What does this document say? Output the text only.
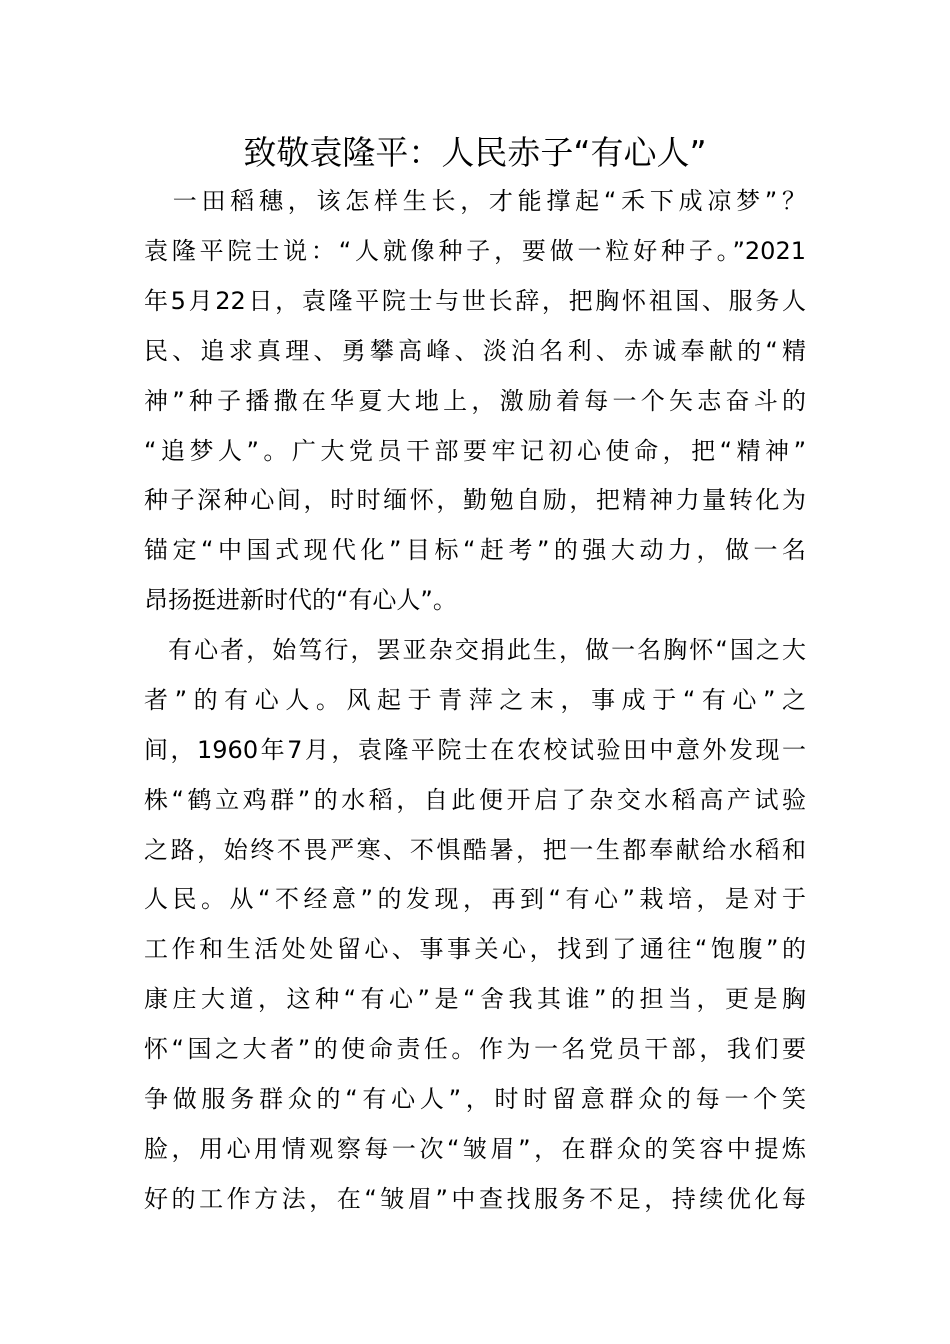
致敬袁隆平：人民赤子“有心人”
　一田稻穗，该怎样生长，才能撑起“禾下成凉梦”？
袁隆平院士说：“人就像种子，要做一粒好种子。”2021
年5月22日，袁隆平院士与世长辞，把胸怀祖国、服务人
民、追求真理、勇攀高峰、淡泊名利、赤诚奉献的“精
神”种子播撒在华夏大地上，激励着每一个矢志奋斗的
“追梦人”。广大党员干部要牢记初心使命，把“精神”
种子深种心间，时时缅怀，勤勉自励，把精神力量转化为
锚定“中国式现代化”目标“赶考”的强大动力，做一名
昂扬挺进新时代的“有心人”。
有心者，始笃行，罢亚杂交捐此生，做一名胸怀“国之大
者”的有心人。风起于青萍之末，事成于“有心”之
间，1960年7月，袁隆平院士在农校试验田中意外发现一
株“鹤立鸡群”的水稻，自此便开启了杂交水稻高产试验
之路，始终不畏严寒、不惧酷暑，把一生都奉献给水稻和
人民。从“不经意”的发现，再到“有心”栽培，是对于
工作和生活处处留心、事事关心，找到了通往“饱腹”的
康庄大道，这种“有心”是“舍我其谁”的担当，更是胸
怀“国之大者”的使命责任。作为一名党员干部，我们要
争做服务群众的“有心人”，时时留意群众的每一个笑
脸，用心用情观察每一次“皱眉”，在群众的笑容中提炼
好的工作方法，在“皱眉”中查找服务不足，持续优化每
